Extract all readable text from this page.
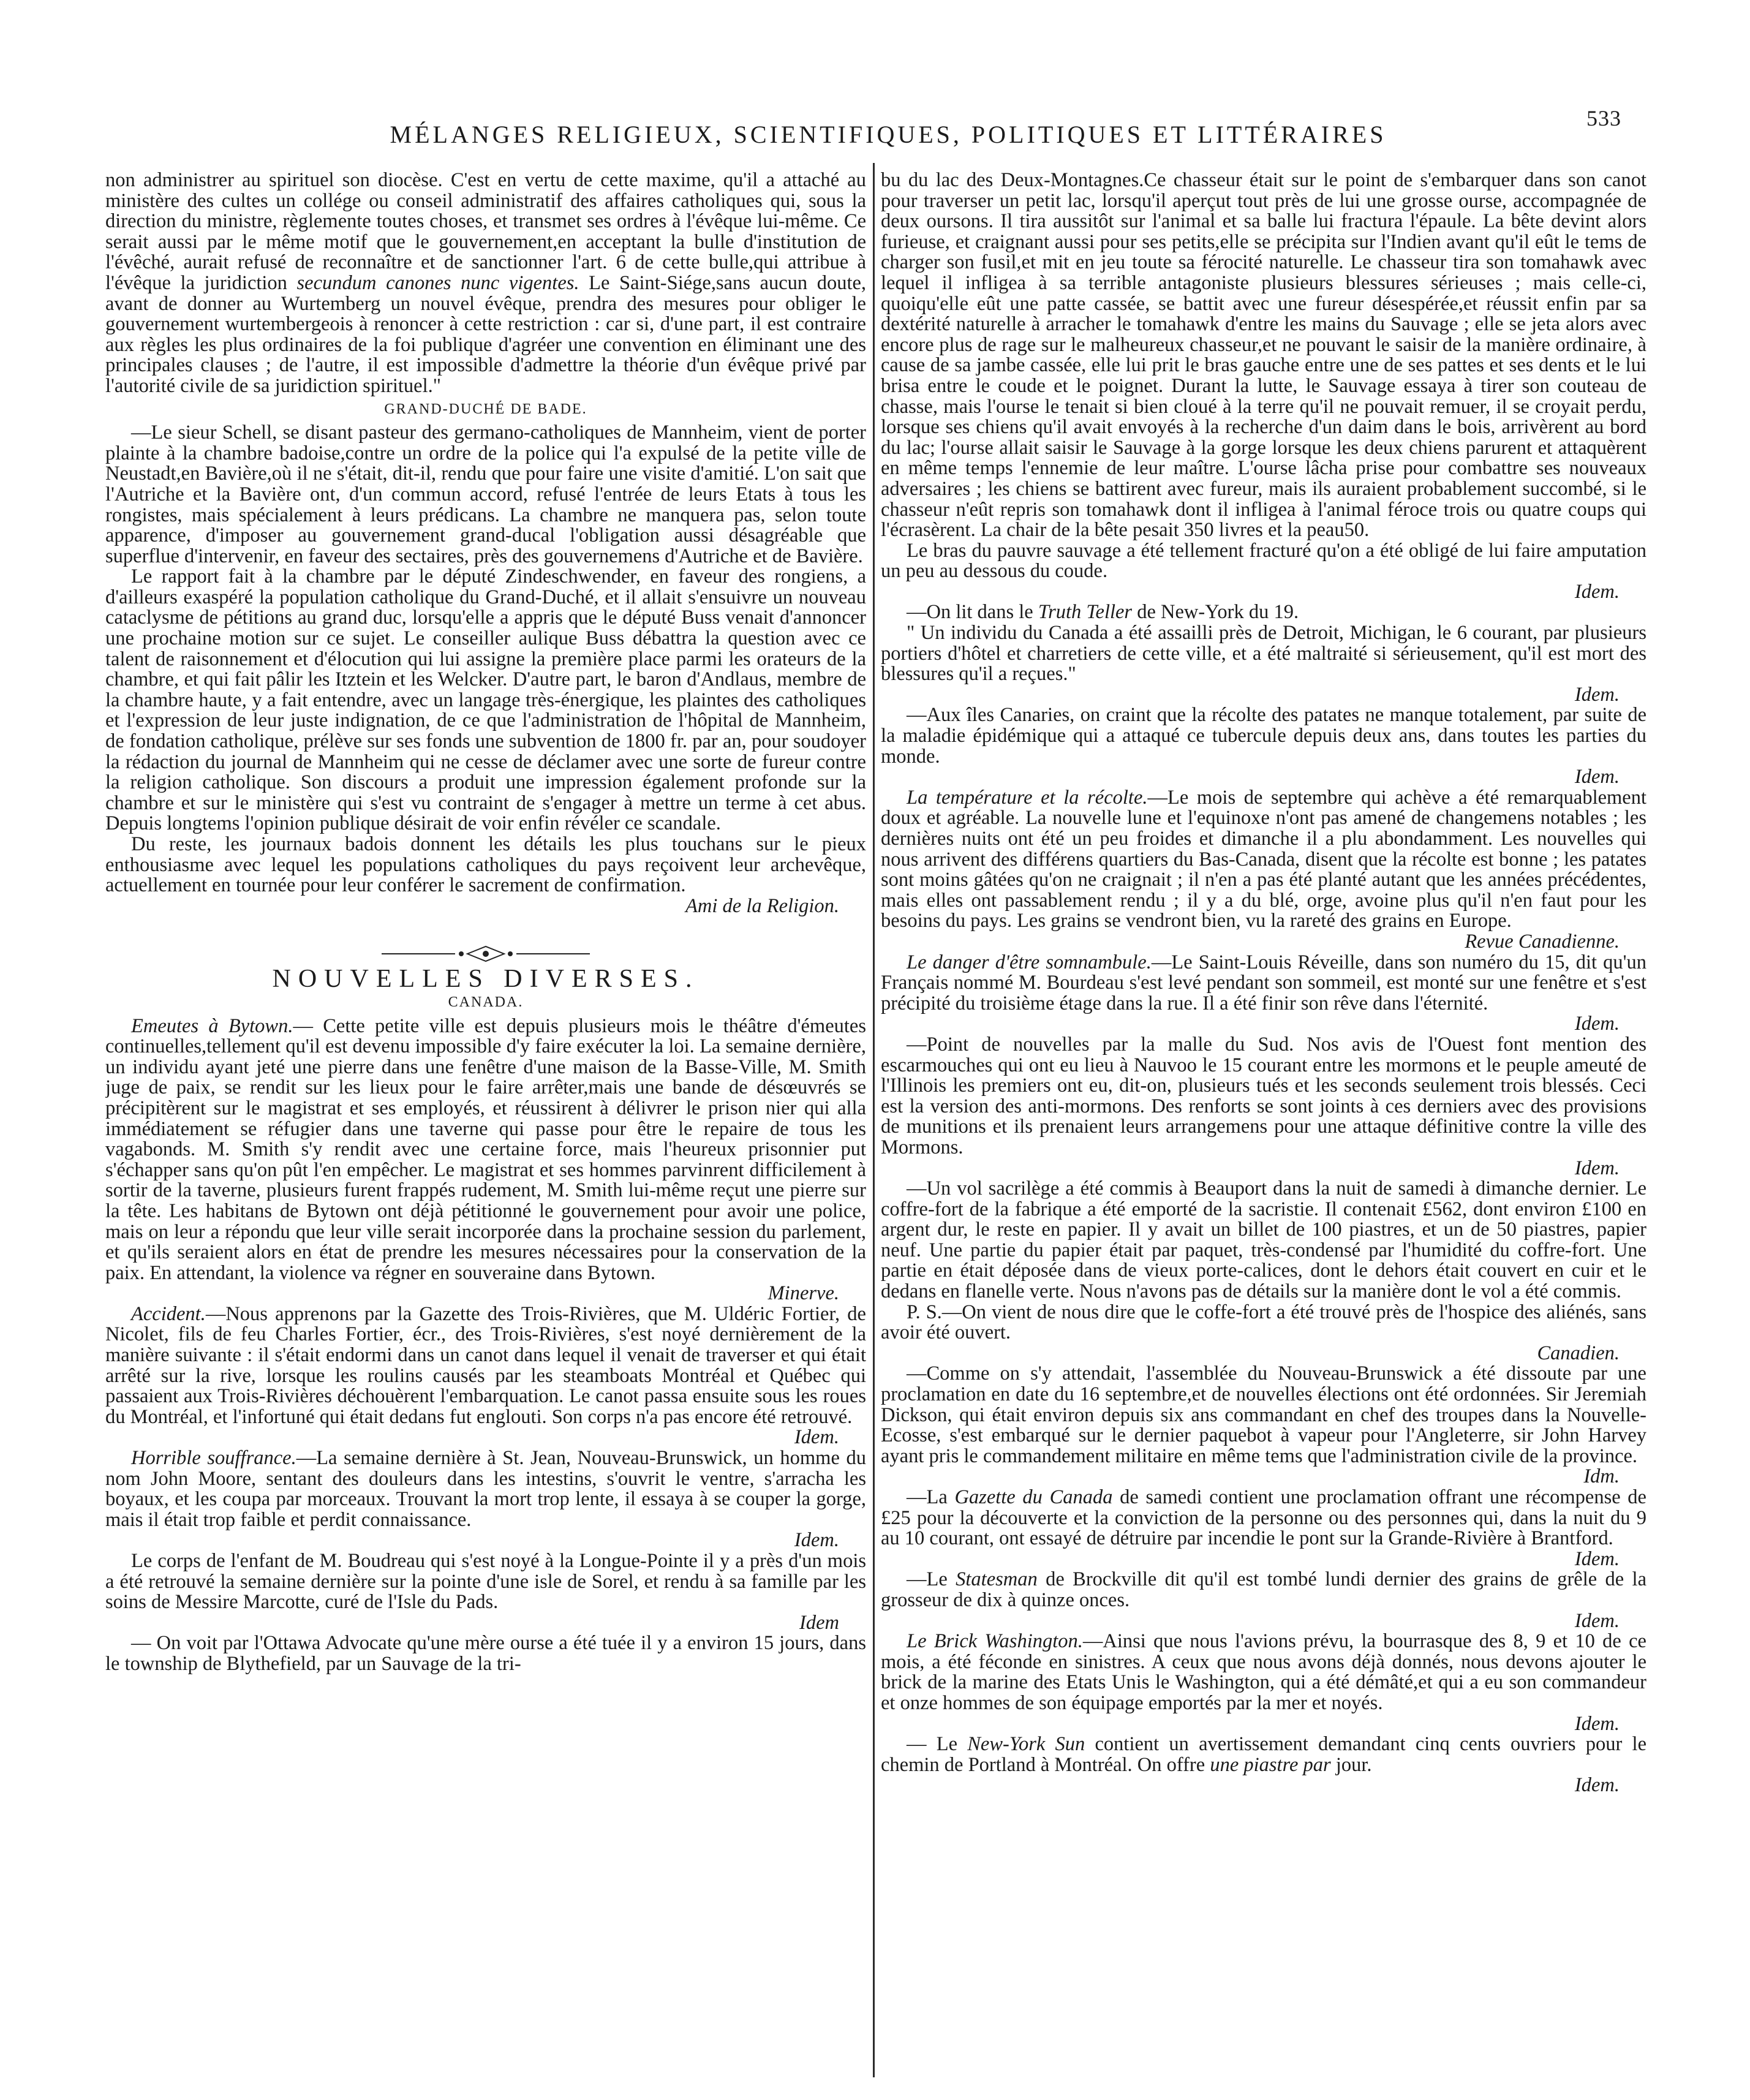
533
MÉLANGES RELIGIEUX, SCIENTIFIQUES, POLITIQUES ET LITTÉRAIRES

non administrer au spirituel son diocèse. C'est en vertu de cette maxime, qu'il a attaché au ministère des cultes un collége ou conseil administratif des affaires catholiques qui, sous la direction du ministre, règlemente toutes choses, et transmet ses ordres à l'évêque lui-même. Ce serait aussi par le même motif que le gouvernement,en acceptant la bulle d'institution de l'évêché, aurait refusé de reconnaître et de sanctionner l'art. 6 de cette bulle,qui attribue à l'évêque la juridiction secundum canones nunc vigentes. Le Saint-Siége,sans aucun doute, avant de donner au Wurtemberg un nouvel évêque, prendra des mesures pour obliger le gouvernement wurtembergeois à renoncer à cette restriction : car si, d'une part, il est contraire aux règles les plus ordinaires de la foi publique d'agréer une convention en éliminant une des principales clauses ; de l'autre, il est impossible d'admettre la théorie d'un évêque privé par l'autorité civile de sa juridiction spirituel."

GRAND-DUCHÉ DE BADE.

—Le sieur Schell, se disant pasteur des germano-catholiques de Mannheim, vient de porter plainte à la chambre badoise,contre un ordre de la police qui l'a expulsé de la petite ville de Neustadt,en Bavière,où il ne s'était, dit-il, rendu que pour faire une visite d'amitié. L'on sait que l'Autriche et la Bavière ont, d'un commun accord, refusé l'entrée de leurs Etats à tous les rongistes, mais spécialement à leurs prédicans. La chambre ne manquera pas, selon toute apparence, d'imposer au gouvernement grand-ducal l'obligation aussi désagréable que superflue d'intervenir, en faveur des sectaires, près des gouvernemens d'Autriche et de Bavière.

Le rapport fait à la chambre par le député Zindeschwender, en faveur des rongiens, a d'ailleurs exaspéré la population catholique du Grand-Duché, et il allait s'ensuivre un nouveau cataclysme de pétitions au grand duc, lorsqu'elle a appris que le député Buss venait d'annoncer une prochaine motion sur ce sujet. Le conseiller aulique Buss débattra la question avec ce talent de raisonnement et d'élocution qui lui assigne la première place parmi les orateurs de la chambre, et qui fait pâlir les Itztein et les Welcker. D'autre part, le baron d'Andlaus, membre de la chambre haute, y a fait entendre, avec un langage très-énergique, les plaintes des catholiques et l'expression de leur juste indignation, de ce que l'administration de l'hôpital de Mannheim, de fondation catholique, prélève sur ses fonds une subvention de 1800 fr. par an, pour soudoyer la rédaction du journal de Mannheim qui ne cesse de déclamer avec une sorte de fureur contre la religion catholique. Son discours a produit une impression également profonde sur la chambre et sur le ministère qui s'est vu contraint de s'engager à mettre un terme à cet abus. Depuis longtems l'opinion publique désirait de voir enfin révéler ce scandale.

Du reste, les journaux badois donnent les détails les plus touchans sur le pieux enthousiasme avec lequel les populations catholiques du pays reçoivent leur archevêque, actuellement en tournée pour leur conférer le sacrement de confirmation.

Ami de la Religion.
NOUVELLES DIVERSES.
CANADA.

Emeutes à Bytown.— Cette petite ville est depuis plusieurs mois le théâtre d'émeutes continuelles,tellement qu'il est devenu impossible d'y faire exécuter la loi. La semaine dernière, un individu ayant jeté une pierre dans une fenêtre d'une maison de la Basse-Ville, M. Smith juge de paix, se rendit sur les lieux pour le faire arrêter,mais une bande de désœuvrés se précipitèrent sur le magistrat et ses employés, et réussirent à délivrer le prison nier qui alla immédiatement se réfugier dans une taverne qui passe pour être le repaire de tous les vagabonds. M. Smith s'y rendit avec une certaine force, mais l'heureux prisonnier put s'échapper sans qu'on pût l'en empêcher. Le magistrat et ses hommes parvinrent difficilement à sortir de la taverne, plusieurs furent frappés rudement, M. Smith lui-même reçut une pierre sur la tête. Les habitans de Bytown ont déjà pétitionné le gouvernement pour avoir une police, mais on leur a répondu que leur ville serait incorporée dans la prochaine session du parlement, et qu'ils seraient alors en état de prendre les mesures nécessaires pour la conservation de la paix. En attendant, la violence va régner en souveraine dans Bytown.

Minerve.

Accident.—Nous apprenons par la Gazette des Trois-Rivières, que M. Uldéric Fortier, de Nicolet, fils de feu Charles Fortier, écr., des Trois-Rivières, s'est noyé dernièrement de la manière suivante : il s'était endormi dans un canot dans lequel il venait de traverser et qui était arrêté sur la rive, lorsque les roulins causés par les steamboats Montréal et Québec qui passaient aux Trois-Rivières déchouèrent l'embarquation. Le canot passa ensuite sous les roues du Montréal, et l'infortuné qui était dedans fut englouti. Son corps n'a pas encore été retrouvé.

Idem.

Horrible souffrance.—La semaine dernière à St. Jean, Nouveau-Brunswick, un homme du nom John Moore, sentant des douleurs dans les intestins, s'ouvrit le ventre, s'arracha les boyaux, et les coupa par morceaux. Trouvant la mort trop lente, il essaya à se couper la gorge, mais il était trop faible et perdit connaissance.

Idem.

Le corps de l'enfant de M. Boudreau qui s'est noyé à la Longue-Pointe il y a près d'un mois a été retrouvé la semaine dernière sur la pointe d'une isle de Sorel, et rendu à sa famille par les soins de Messire Marcotte, curé de l'Isle du Pads.

Idem

— On voit par l'Ottawa Advocate qu'une mère ourse a été tuée il y a environ 15 jours, dans le township de Blythefield, par un Sauvage de la tri-

bu du lac des Deux-Montagnes.Ce chasseur était sur le point de s'embarquer dans son canot pour traverser un petit lac, lorsqu'il aperçut tout près de lui une grosse ourse, accompagnée de deux oursons. Il tira aussitôt sur l'animal et sa balle lui fractura l'épaule. La bête devint alors furieuse, et craignant aussi pour ses petits,elle se précipita sur l'Indien avant qu'il eût le tems de charger son fusil,et mit en jeu toute sa férocité naturelle. Le chasseur tira son tomahawk avec lequel il infligea à sa terrible antagoniste plusieurs blessures sérieuses ; mais celle-ci, quoiqu'elle eût une patte cassée, se battit avec une fureur désespérée,et réussit enfin par sa dextérité naturelle à arracher le tomahawk d'entre les mains du Sauvage ; elle se jeta alors avec encore plus de rage sur le malheureux chasseur,et ne pouvant le saisir de la manière ordinaire, à cause de sa jambe cassée, elle lui prit le bras gauche entre une de ses pattes et ses dents et le lui brisa entre le coude et le poignet. Durant la lutte, le Sauvage essaya à tirer son couteau de chasse, mais l'ourse le tenait si bien cloué à la terre qu'il ne pouvait remuer, il se croyait perdu, lorsque ses chiens qu'il avait envoyés à la recherche d'un daim dans le bois, arrivèrent au bord du lac; l'ourse allait saisir le Sauvage à la gorge lorsque les deux chiens parurent et attaquèrent en même temps l'ennemie de leur maître. L'ourse lâcha prise pour combattre ses nouveaux adversaires ; les chiens se battirent avec fureur, mais ils auraient probablement succombé, si le chasseur n'eût repris son tomahawk dont il infligea à l'animal féroce trois ou quatre coups qui l'écrasèrent. La chair de la bête pesait 350 livres et la peau50.

Le bras du pauvre sauvage a été tellement fracturé qu'on a été obligé de lui faire amputation un peu au dessous du coude.

Idem.

—On lit dans le Truth Teller de New-York du 19.

" Un individu du Canada a été assailli près de Detroit, Michigan, le 6 courant, par plusieurs portiers d'hôtel et charretiers de cette ville, et a été maltraité si sérieusement, qu'il est mort des blessures qu'il a reçues."

Idem.

—Aux îles Canaries, on craint que la récolte des patates ne manque totalement, par suite de la maladie épidémique qui a attaqué ce tubercule depuis deux ans, dans toutes les parties du monde.

Idem.

La température et la récolte.—Le mois de septembre qui achève a été remarquablement doux et agréable. La nouvelle lune et l'equinoxe n'ont pas amené de changemens notables ; les dernières nuits ont été un peu froides et dimanche il a plu abondamment. Les nouvelles qui nous arrivent des différens quartiers du Bas-Canada, disent que la récolte est bonne ; les patates sont moins gâtées qu'on ne craignait ; il n'en a pas été planté autant que les années précédentes, mais elles ont passablement rendu ; il y a du blé, orge, avoine plus qu'il n'en faut pour les besoins du pays. Les grains se vendront bien, vu la rareté des grains en Europe.

Revue Canadienne.

Le danger d'être somnambule.—Le Saint-Louis Réveille, dans son numéro du 15, dit qu'un Français nommé M. Bourdeau s'est levé pendant son sommeil, est monté sur une fenêtre et s'est précipité du troisième étage dans la rue. Il a été finir son rêve dans l'éternité.

Idem.

—Point de nouvelles par la malle du Sud. Nos avis de l'Ouest font mention des escarmouches qui ont eu lieu à Nauvoo le 15 courant entre les mormons et le peuple ameuté de l'Illinois les premiers ont eu, dit-on, plusieurs tués et les seconds seulement trois blessés. Ceci est la version des anti-mormons. Des renforts se sont joints à ces derniers avec des provisions de munitions et ils prenaient leurs arrangemens pour une attaque définitive contre la ville des Mormons.

Idem.

—Un vol sacrilège a été commis à Beauport dans la nuit de samedi à dimanche dernier. Le coffre-fort de la fabrique a été emporté de la sacristie. Il contenait £562, dont environ £100 en argent dur, le reste en papier. Il y avait un billet de 100 piastres, et un de 50 piastres, papier neuf. Une partie du papier était par paquet, très-condensé par l'humidité du coffre-fort. Une partie en était déposée dans de vieux porte-calices, dont le dehors était couvert en cuir et le dedans en flanelle verte. Nous n'avons pas de détails sur la manière dont le vol a été commis.

P. S.—On vient de nous dire que le coffe-fort a été trouvé près de l'hospice des aliénés, sans avoir été ouvert.

Canadien.

—Comme on s'y attendait, l'assemblée du Nouveau-Brunswick a été dissoute par une proclamation en date du 16 septembre,et de nouvelles élections ont été ordonnées. Sir Jeremiah Dickson, qui était environ depuis six ans commandant en chef des troupes dans la Nouvelle-Ecosse, s'est embarqué sur le dernier paquebot à vapeur pour l'Angleterre, sir John Harvey ayant pris le commandement militaire en même tems que l'administration civile de la province.

Idm.

—La Gazette du Canada de samedi contient une proclamation offrant une récompense de £25 pour la découverte et la conviction de la personne ou des personnes qui, dans la nuit du 9 au 10 courant, ont essayé de détruire par incendie le pont sur la Grande-Rivière à Brantford.

Idem.

—Le Statesman de Brockville dit qu'il est tombé lundi dernier des grains de grêle de la grosseur de dix à quinze onces.

Idem.

Le Brick Washington.—Ainsi que nous l'avions prévu, la bourrasque des 8, 9 et 10 de ce mois, a été féconde en sinistres. A ceux que nous avons déjà donnés, nous devons ajouter le brick de la marine des Etats Unis le Washington, qui a été démâté,et qui a eu son commandeur et onze hommes de son équipage emportés par la mer et noyés.

Idem.

— Le New-York Sun contient un avertissement demandant cinq cents ouvriers pour le chemin de Portland à Montréal. On offre une piastre par jour.

Idem.
